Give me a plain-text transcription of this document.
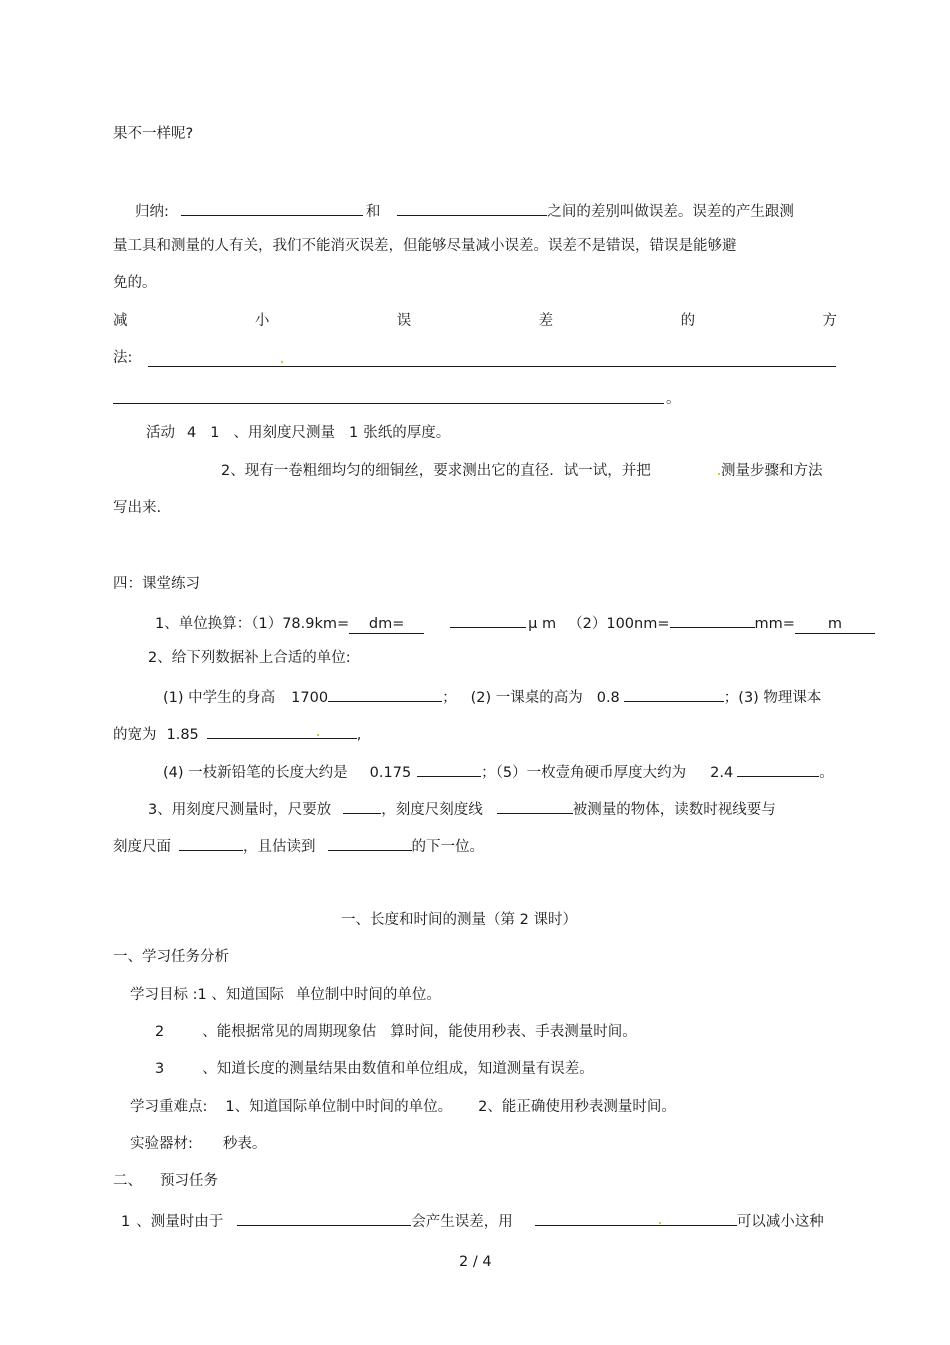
果不一样呢?
归纳:	和	之间的差别叫做误差。误差的产生跟测
量工具和测量的人有关，我们不能消灭误差，但能够尽量减小误差。误差不是错误，错误是能够避
免的。
减	小	误	差	的	方
法:
。
活动 4 1 、用刻度尺测量 1 张纸的厚度。
2、现有一卷粗细均匀的细铜丝，要求测出它的直径．试一试，并把	测量步骤和方法
写出来.
四：课堂练习
1、单位换算：（1）78.9km= dm=	μ m （2）100nm=	mm= m
2、给下列数据补上合适的单位:
(1) 中学生的身高 1700	； (2) 一课桌的高为 0.8	；(3) 物理课本
的宽为 1.85	,
(4) 一枝新铅笔的长度大约是 0.175	；（5）一枚壹角硬币厚度大约为 2.4	。
3、用刻度尺测量时，尺要放	，刻度尺刻度线	被测量的物体，读数时视线要与
刻度尺面	，且估读到	的下一位。
一、长度和时间的测量（第 2 课时）
一、学习任务分析
学习目标 :1 、知道国际 单位制中时间的单位。
2	、能根据常见的周期现象估 算时间，能使用秒表、手表测量时间。
3	、知道长度的测量结果由数值和单位组成，知道测量有误差。
学习重难点: 1、知道国际单位制中时间的单位。 2、能正确使用秒表测量时间。
实验器材: 秒表。
二、 预习任务
1 、测量时由于	会产生误差，用	可以减小这种
2 / 4
